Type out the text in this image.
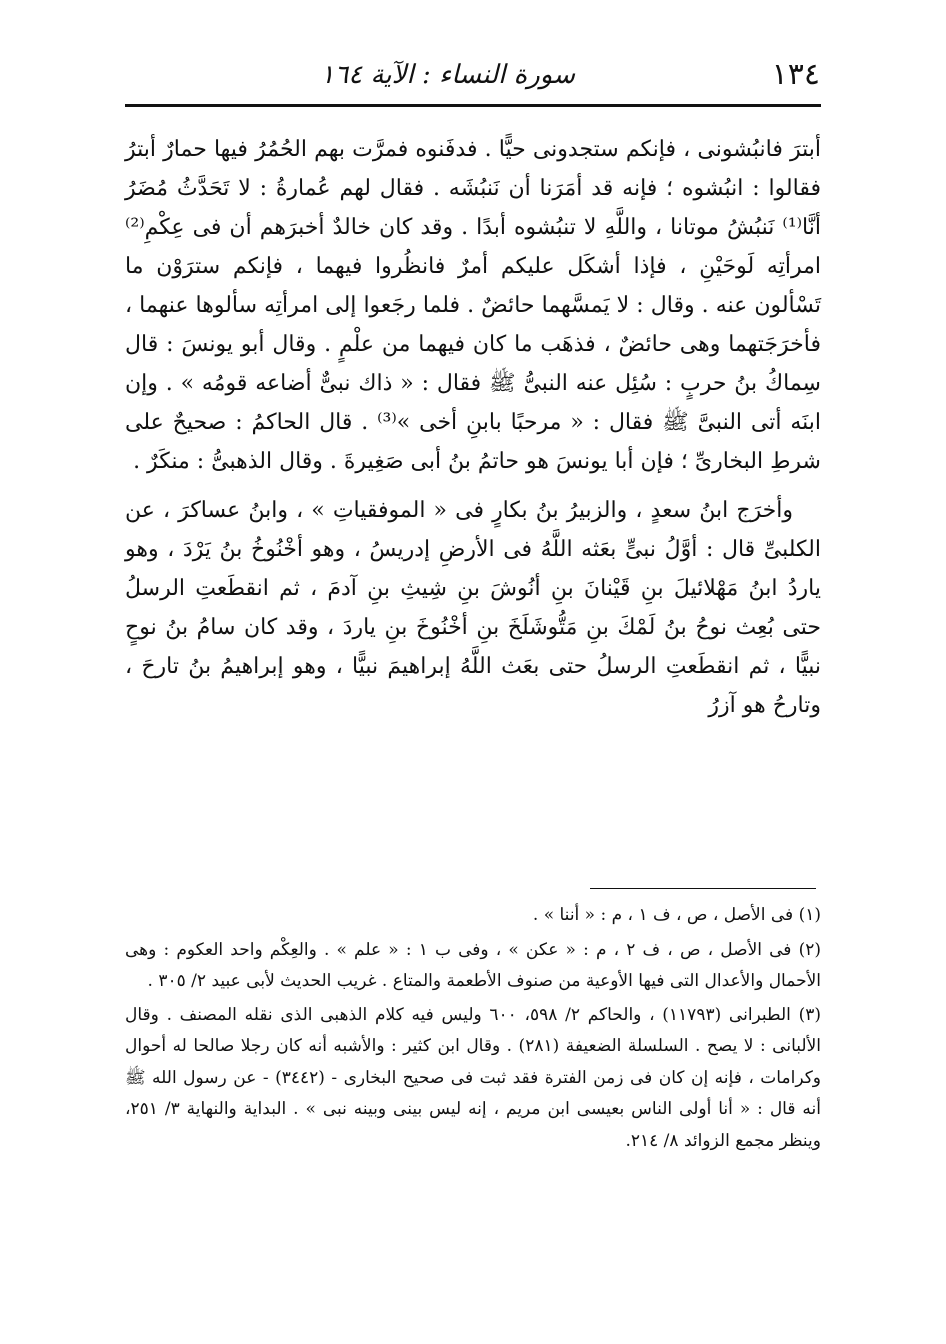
١٣٤
سورة النساء : الآية ١٦٤

أبترَ فانبُشونى ، فإنكم ستجدونى حيًّا . فدفَنوه فمرَّت بهم الحُمُرُ فيها حمارٌ أبترُ فقالوا : انبُشوه ؛ فإنه قد أمَرَنا أن نَنبُشَه . فقال لهم عُمارةُ : لا تَحَدَّثُ مُضَرُ أنَّا⁽¹⁾ نَنبُشُ موتانا ، واللَّهِ لا تنبُشوه أبدًا . وقد كان خالدٌ أخبرَهم أن فى عِكْمِ⁽²⁾ امرأتِه لَوحَيْنِ ، فإذا أشكَل عليكم أمرٌ فانظُروا فيهما ، فإنكم سترَوْن ما تَسْألون عنه . وقال : لا يَمسَّهما حائضٌ . فلما رجَعوا إلى امرأتِه سألوها عنهما ، فأخرَجَتهما وهى حائضٌ ، فذهَب ما كان فيهما من علْمٍ . وقال أبو يونسَ : قال سِماكُ بنُ حربٍ : سُئِل عنه النبىُّ ﷺ فقال : « ذاك نبىٌّ أضاعه قومُه » . وإن ابنَه أتى النبىَّ ﷺ فقال : « مرحبًا بابنِ أخى »⁽³⁾ . قال الحاكمُ : صحيحٌ على شرطِ البخارىِّ ؛ فإن أبا يونسَ هو حاتمُ بنُ أبى صَغِيرةَ . وقال الذهبىُّ : منكَرٌ .

وأخرَج ابنُ سعدٍ ، والزبيرُ بنُ بكارٍ فى « الموفقياتِ » ، وابنُ عساكرَ ، عن الكلبىِّ قال : أوَّلُ نبىٍّ بعَثه اللَّهُ فى الأرضِ إدريسُ ، وهو أخْنُوخُ بنُ يَرْدَ ، وهو ياردُ ابنُ مَهْلائيلَ بنِ قَيْنانَ بنِ أنُوشَ بنِ شِيثِ بنِ آدمَ ، ثم انقطَعتِ الرسلُ حتى بُعِث نوحُ بنُ لَمْكَ بنِ مَتُّوشَلَخَ بنِ أخْنُوخَ بنِ ياردَ ، وقد كان سامُ بنُ نوحٍ نبيًّا ، ثم انقطَعتِ الرسلُ حتى بعَث اللَّهُ إبراهيمَ نبيًّا ، وهو إبراهيمُ بنُ تارحَ ، وتارحُ هو آزرُ

(١) فى الأصل ، ص ، ف ١ ، م : « أننا » .

(٢) فى الأصل ، ص ، ف ٢ ، م : « عكن » ، وفى ب ١ : « علم » . والعِكْم واحد العكوم : وهى الأحمال والأعدال التى فيها الأوعية من صنوف الأطعمة والمتاع . غريب الحديث لأبى عبيد ٢/ ٣٠٥ .

(٣) الطبرانى (١١٧٩٣) ، والحاكم ٢/ ٥٩٨، ٦٠٠ وليس فيه كلام الذهبى الذى نقله المصنف . وقال الألبانى : لا يصح . السلسلة الضعيفة (٢٨١) . وقال ابن كثير : والأشبه أنه كان رجلا صالحا له أحوال وكرامات ، فإنه إن كان فى زمن الفترة فقد ثبت فى صحيح البخارى - (٣٤٤٢) - عن رسول الله ﷺ أنه قال : « أنا أولى الناس بعيسى ابن مريم ، إنه ليس بينى وبينه نبى » . البداية والنهاية ٣/ ٢٥١، وينظر مجمع الزوائد ٨/ ٢١٤.
